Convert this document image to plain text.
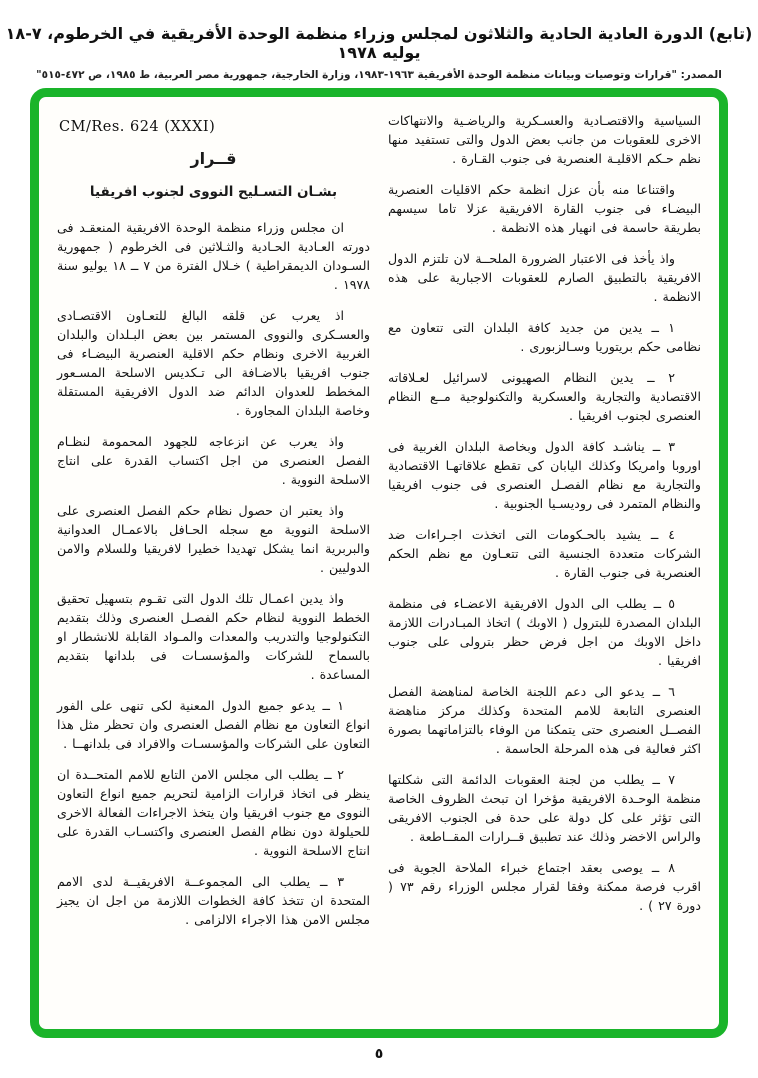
(تابع) الدورة العادية الحادية والثلاثون لمجلس وزراء منظمة الوحدة الأفريقية في الخرطوم، ٧-١٨ يوليه ١٩٧٨
المصدر: "قرارات وتوصيات وبيانات منظمة الوحدة الأفريقية ١٩٦٣-١٩٨٣، وزارة الخارجية، جمهورية مصر العربية، ط ١٩٨٥، ص ٤٧٢-٥١٥"

السياسية والاقتصـادية والعسـكرية والرياضـية والانتهاكات الاخرى للعقوبات من جانب بعض الدول والتى تستفيد منها نظم حـكم الاقليـة العنصرية فى جنوب القـارة .

واقتناعا منه بأن عزل انظمة حكم الاقليات العنصرية البيضـاء فى جنوب القارة الافريقية عزلا تاما سيسهم بطريقة حاسمة فى انهيار هذه الانظمة .

واذ يأخذ فى الاعتبار الضرورة الملحــة لان تلتزم الدول الافريقية بالتطبيق الصارم للعقوبات الاجبارية على هذه الانظمة .

١ ــ يدين من جديد كافة البلدان التى تتعاون مع نظامى حكم بريتوريا وسـالزبورى .

٢ ــ يدين النظام الصهيونى لاسرائيل لعـلاقاته الاقتصادية والتجارية والعسكرية والتكنولوجية مــع النظام العنصرى لجنوب افريقيا .

٣ ــ يناشـد كافة الدول وبخاصة البلدان الغربية فى اوروبا وامريكا وكذلك اليابان كى تقطع علاقاتهـا الاقتصادية والتجارية مع نظام الفصـل العنصرى فى جنوب افريقيا والنظام المتمرد فى روديسـيا الجنوبية .

٤ ــ يشيد بالحـكومات التى اتخذت اجـراءات ضد الشركات متعددة الجنسية التى تتعـاون مع نظم الحكم العنصرية فى جنوب القارة .

٥ ــ يطلب الى الدول الافريقية الاعضـاء فى منظمة البلدان المصدرة للبترول ( الاوبك ) اتخاذ المبـادرات اللازمة داخل الاوبك من اجل فرض حظر بترولى على جنوب افريقيا .

٦ ــ يدعو الى دعم اللجنة الخاصة لمناهضة الفصل العنصرى التابعة للامم المتحدة وكذلك مركز مناهضة الفصــل العنصرى حتى يتمكنا من الوفاء بالتزاماتهما بصورة اكثر فعالية فى هذه المرحلة الحاسمة .

٧ ــ يطلب من لجنة العقوبات الدائمة التى شكلتها منظمة الوحـدة الافريقية مؤخرا ان تبحث الظروف الخاصة التى تؤثر على كل دولة على حدة فى الجنوب الافريقى والراس الاخضر وذلك عند تطبيق قــرارات المقــاطعة .

٨ ــ يوصى بعقد اجتماع خبراء الملاحة الجوية فى اقرب فرصة ممكنة وفقا لقرار مجلس الوزراء رقم ٧٣ ( دورة ٢٧ ) .

CM/Res. 624 (XXXI)
قــرار
بشـان التسـليح النووى لجنوب افريقيا

ان مجلس وزراء منظمة الوحدة الافريقية المنعقـد فى دورته العـادية الحـادية والثـلاثين فى الخرطوم ( جمهورية السـودان الديمقراطية ) خـلال الفترة من ٧ ــ ١٨ يوليو سنة ١٩٧٨ .

اذ يعرب عن قلقه البالغ للتعـاون الاقتصـادى والعسـكرى والنووى المستمر بين بعض البـلدان والبلدان الغربية الاخرى ونظام حكم الاقلية العنصرية البيضـاء فى جنوب افريقيا بالاضـافة الى تـكديس الاسلحة المسـعور المخطط للعدوان الدائم ضد الدول الافريقية المستقلة وخاصة البلدان المجاورة .

واذ يعرب عن انزعاجه للجهود المحمومة لنظـام الفصل العنصرى من اجل اكتساب القدرة على انتاج الاسلحة النووية .

واذ يعتبر ان حصول نظام حكم الفصل العنصرى على الاسلحة النووية مع سجله الحـافل بالاعمـال العدوانية والبربرية انما يشكل تهديدا خطيرا لافريقيا وللسلام والامن الدوليين .

واذ يدين اعمـال تلك الدول التى تقـوم بتسهيل تحقيق الخطط النووية لنظام حكم الفصـل العنصرى وذلك بتقديم التكنولوجيا والتدريب والمعدات والمـواد القابلة للانشطار او بالسماح للشركات والمؤسسـات فى بلدانها بتقديم المساعدة .

١ ــ يدعو جميع الدول المعنية لكى تنهى على الفور انواع التعاون مع نظام الفصل العنصرى وان تحظر مثل هذا التعاون على الشركات والمؤسسـات والافراد فى بلدانهــا .

٢ ــ يطلب الى مجلس الامن التابع للامم المتحــدة ان ينظر فى اتخاذ قرارات الزامية لتحريم جميع انواع التعاون النووى مع جنوب افريقيا وان يتخذ الاجراءات الفعالة الاخرى للحيلولة دون نظام الفصل العنصرى واكتسـاب القدرة على انتاج الاسلحة النووية .

٣ ــ يطلب الى المجموعــة الافريقيــة لدى الامم المتحدة ان تتخذ كافة الخطوات اللازمة من اجل ان يجيز مجلس الامن هذا الاجراء الالزامى .

٥
